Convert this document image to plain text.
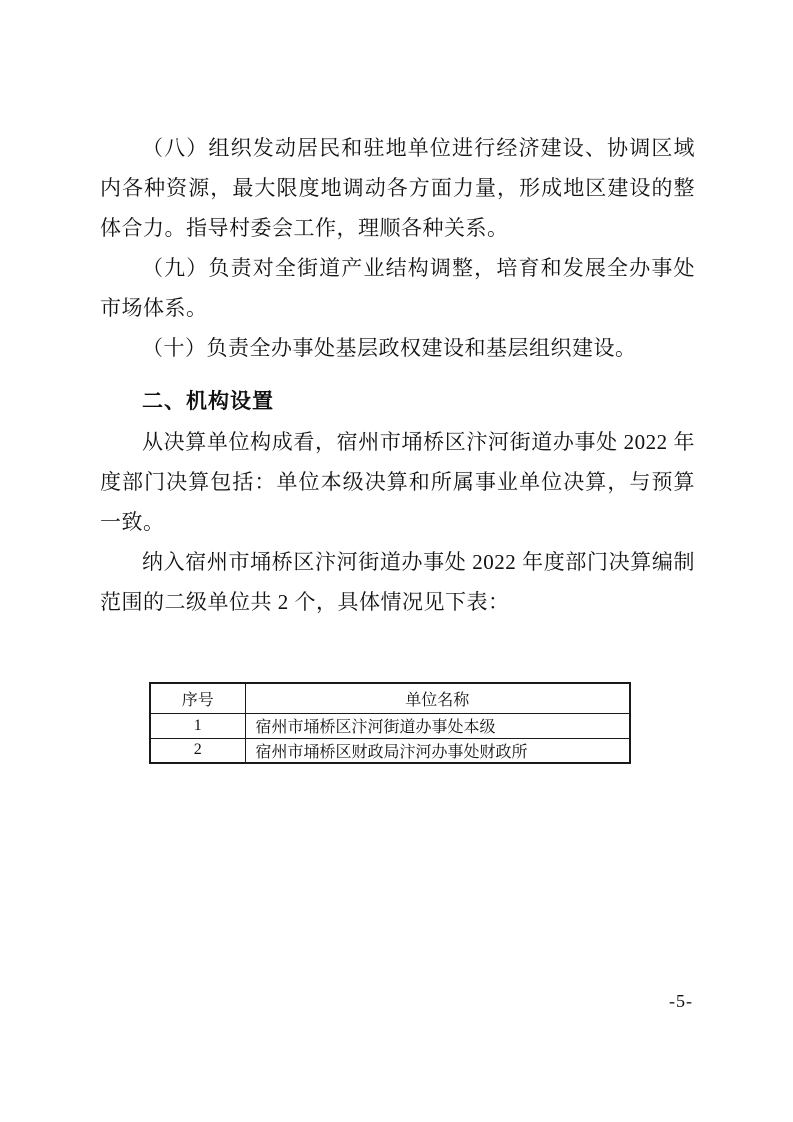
（八）组织发动居民和驻地单位进行经济建设、协调区域内各种资源，最大限度地调动各方面力量，形成地区建设的整体合力。指导村委会工作，理顺各种关系。

（九）负责对全街道产业结构调整，培育和发展全办事处市场体系。

（十）负责全办事处基层政权建设和基层组织建设。

二、机构设置

从决算单位构成看，宿州市埇桥区汴河街道办事处 2022 年度部门决算包括：单位本级决算和所属事业单位决算，与预算一致。

纳入宿州市埇桥区汴河街道办事处 2022 年度部门决算编制范围的二级单位共 2 个，具体情况见下表：

序号	单位名称
1	宿州市埇桥区汴河街道办事处本级
2	宿州市埇桥区财政局汴河办事处财政所
-5-
